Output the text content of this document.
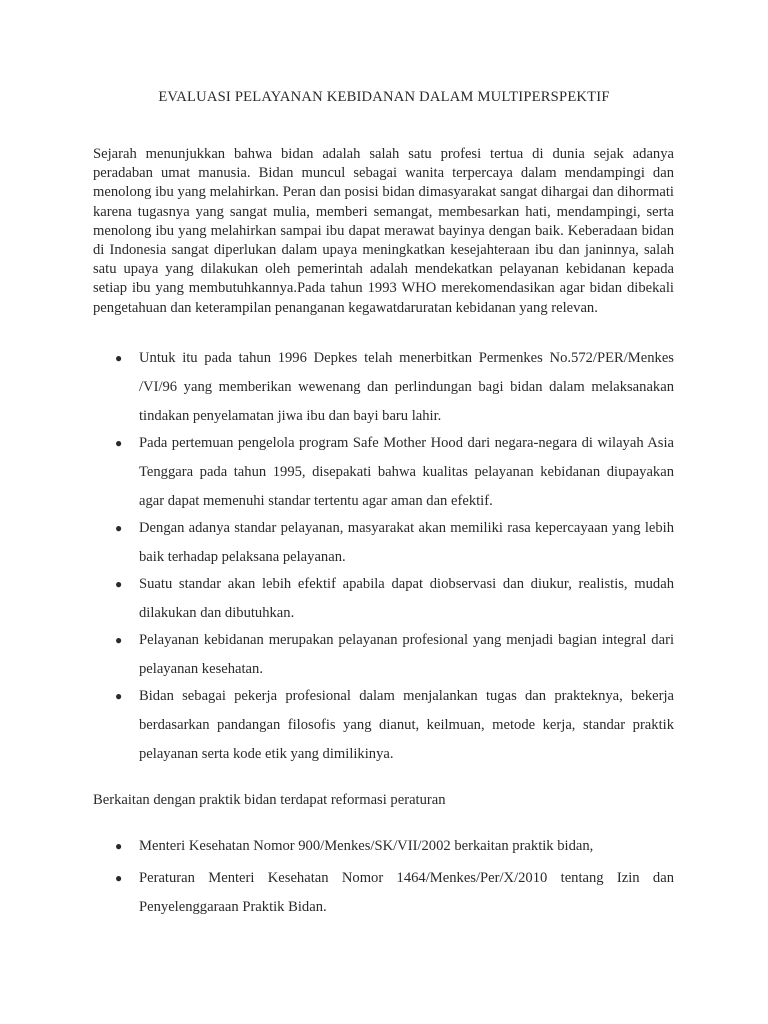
EVALUASI PELAYANAN KEBIDANAN DALAM MULTIPERSPEKTIF

Sejarah menunjukkan bahwa bidan adalah salah satu profesi tertua di dunia sejak adanya peradaban umat manusia. Bidan muncul sebagai wanita terpercaya dalam mendampingi dan menolong ibu yang melahirkan. Peran dan posisi bidan dimasyarakat sangat dihargai dan dihormati karena tugasnya yang sangat mulia, memberi semangat, membesarkan hati, mendampingi, serta menolong ibu yang melahirkan sampai ibu dapat merawat bayinya dengan baik. Keberadaan bidan di Indonesia sangat diperlukan dalam upaya meningkatkan kesejahteraan ibu dan janinnya, salah satu upaya yang dilakukan oleh pemerintah adalah mendekatkan pelayanan kebidanan kepada setiap ibu yang membutuhkannya.Pada tahun 1993 WHO merekomendasikan agar bidan dibekali pengetahuan dan keterampilan penanganan kegawatdaruratan kebidanan yang relevan.

● Untuk itu pada tahun 1996 Depkes telah menerbitkan Permenkes No.572/PER/Menkes /VI/96 yang memberikan wewenang dan perlindungan bagi bidan dalam melaksanakan tindakan penyelamatan jiwa ibu dan bayi baru lahir.
● Pada pertemuan pengelola program Safe Mother Hood dari negara-negara di wilayah Asia Tenggara pada tahun 1995, disepakati bahwa kualitas pelayanan kebidanan diupayakan agar dapat memenuhi standar tertentu agar aman dan efektif.
● Dengan adanya standar pelayanan, masyarakat akan memiliki rasa kepercayaan yang lebih baik terhadap pelaksana pelayanan.
● Suatu standar akan lebih efektif apabila dapat diobservasi dan diukur, realistis, mudah dilakukan dan dibutuhkan.
● Pelayanan kebidanan merupakan pelayanan profesional yang menjadi bagian integral dari pelayanan kesehatan.
● Bidan sebagai pekerja profesional dalam menjalankan tugas dan prakteknya, bekerja berdasarkan pandangan filosofis yang dianut, keilmuan, metode kerja, standar praktik pelayanan serta kode etik yang dimilikinya.

Berkaitan dengan praktik bidan terdapat reformasi peraturan

● Menteri Kesehatan Nomor 900/Menkes/SK/VII/2002 berkaitan praktik bidan,
● Peraturan Menteri Kesehatan Nomor 1464/Menkes/Per/X/2010 tentang Izin dan Penyelenggaraan Praktik Bidan.
